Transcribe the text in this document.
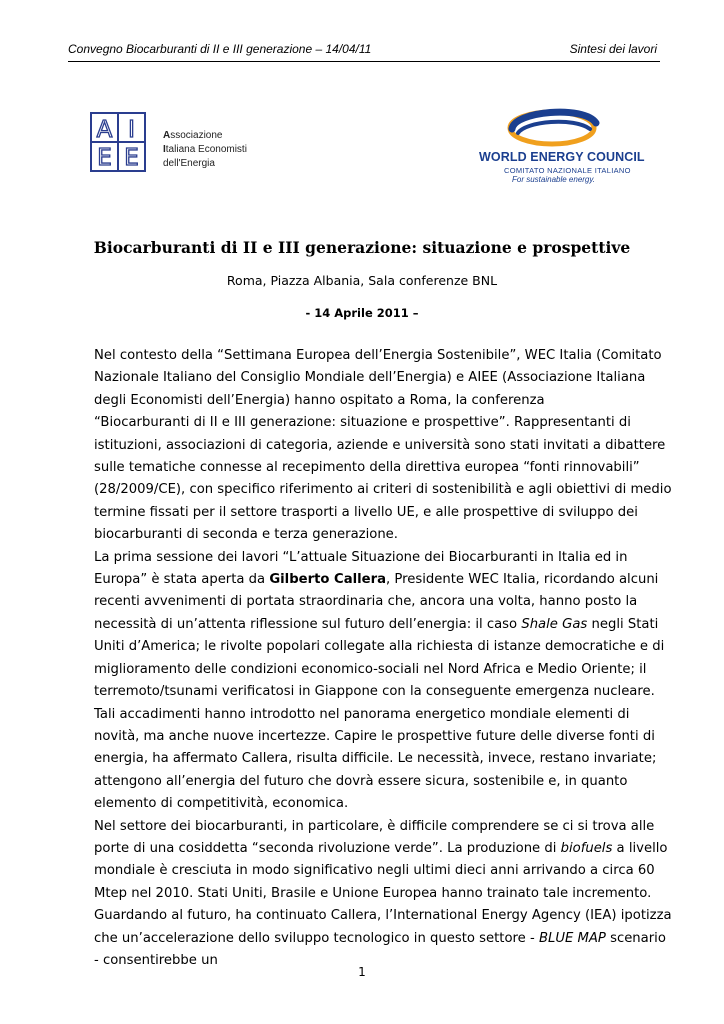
Convegno Biocarburanti di II e III generazione – 14/04/11	Sintesi dei lavori
A I
E E
Associazione
Italiana Economisti
dell'Energia	WORLD ENERGY COUNCIL
COMITATO NAZIONALE ITALIANO
For sustainable energy.
Biocarburanti di II e III generazione: situazione e prospettive
Roma, Piazza Albania, Sala conferenze BNL
- 14 Aprile 2011 –

Nel contesto della “Settimana Europea dell’Energia Sostenibile”, WEC Italia (Comitato Nazionale Italiano del Consiglio Mondiale dell’Energia) e AIEE (Associazione Italiana degli Economisti dell’Energia) hanno ospitato a Roma, la conferenza

“Biocarburanti di II e III generazione: situazione e prospettive”. Rappresentanti di istituzioni, associazioni di categoria, aziende e università sono stati invitati a dibattere sulle tematiche connesse al recepimento della direttiva europea “fonti rinnovabili” (28/2009/CE), con specifico riferimento ai criteri di sostenibilità e agli obiettivi di medio termine fissati per il settore trasporti a livello UE, e alle prospettive di sviluppo dei biocarburanti di seconda e terza generazione.

La prima sessione dei lavori “L’attuale Situazione dei Biocarburanti in Italia ed in Europa” è stata aperta da Gilberto Callera, Presidente WEC Italia, ricordando alcuni recenti avvenimenti di portata straordinaria che, ancora una volta, hanno posto la necessità di un’attenta riflessione sul futuro dell’energia: il caso Shale Gas negli Stati Uniti d’America; le rivolte popolari collegate alla richiesta di istanze democratiche e di miglioramento delle condizioni economico-sociali nel Nord Africa e Medio Oriente; il terremoto/tsunami verificatosi in Giappone con la conseguente emergenza nucleare.

Tali accadimenti hanno introdotto nel panorama energetico mondiale elementi di novità, ma anche nuove incertezze. Capire le prospettive future delle diverse fonti di energia, ha affermato Callera, risulta difficile. Le necessità, invece, restano invariate; attengono all’energia del futuro che dovrà essere sicura, sostenibile e, in quanto elemento di competitività, economica.

Nel settore dei biocarburanti, in particolare, è difficile comprendere se ci si trova alle porte di una cosiddetta “seconda rivoluzione verde”. La produzione di biofuels a livello mondiale è cresciuta in modo significativo negli ultimi dieci anni arrivando a circa 60 Mtep nel 2010. Stati Uniti, Brasile e Unione Europea hanno trainato tale incremento. Guardando al futuro, ha continuato Callera, l’International Energy Agency (IEA) ipotizza che un’accelerazione dello sviluppo tecnologico in questo settore - BLUE MAP scenario - consentirebbe un

1
